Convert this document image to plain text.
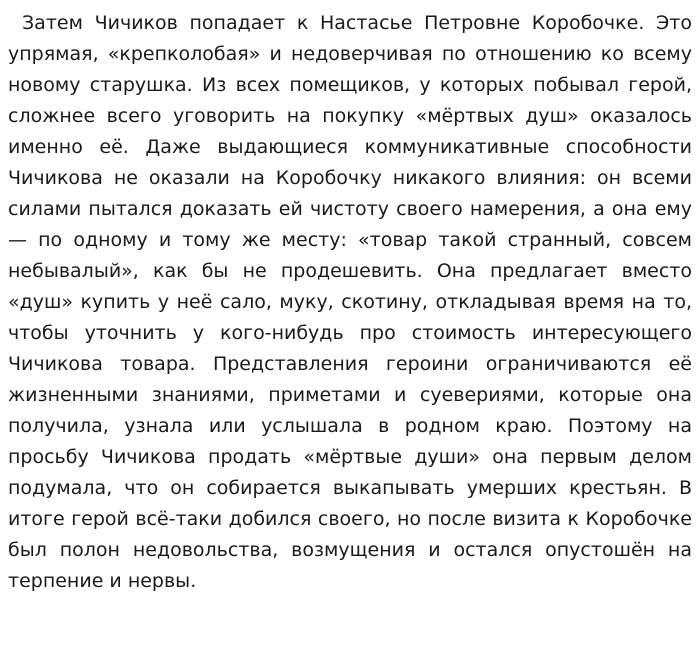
Затем Чичиков попадает к Настасье Петровне Коробочке. Это упрямая, «крепколобая» и недоверчивая по отношению ко всему новому старушка. Из всех помещиков, у которых побывал герой, сложнее всего уговорить на покупку «мёртвых душ» оказалось именно её. Даже выдающиеся коммуникативные способности Чичикова не оказали на Коробочку никакого влияния: он всеми силами пытался доказать ей чистоту своего намерения, а она ему — по одному и тому же месту: «товар такой странный, совсем небывалый», как бы не продешевить. Она предлагает вместо «душ» купить у неё сало, муку, скотину, откладывая время на то, чтобы уточнить у кого-нибудь про стоимость интересующего Чичикова товара. Представления героини ограничиваются её жизненными знаниями, приметами и суевериями, которые она получила, узнала или услышала в родном краю. Поэтому на просьбу Чичикова продать «мёртвые души» она первым делом подумала, что он собирается выкапывать умерших крестьян. В итоге герой всё-таки добился своего, но после визита к Коробочке был полон недовольства, возмущения и остался опустошён на терпение и нервы.
